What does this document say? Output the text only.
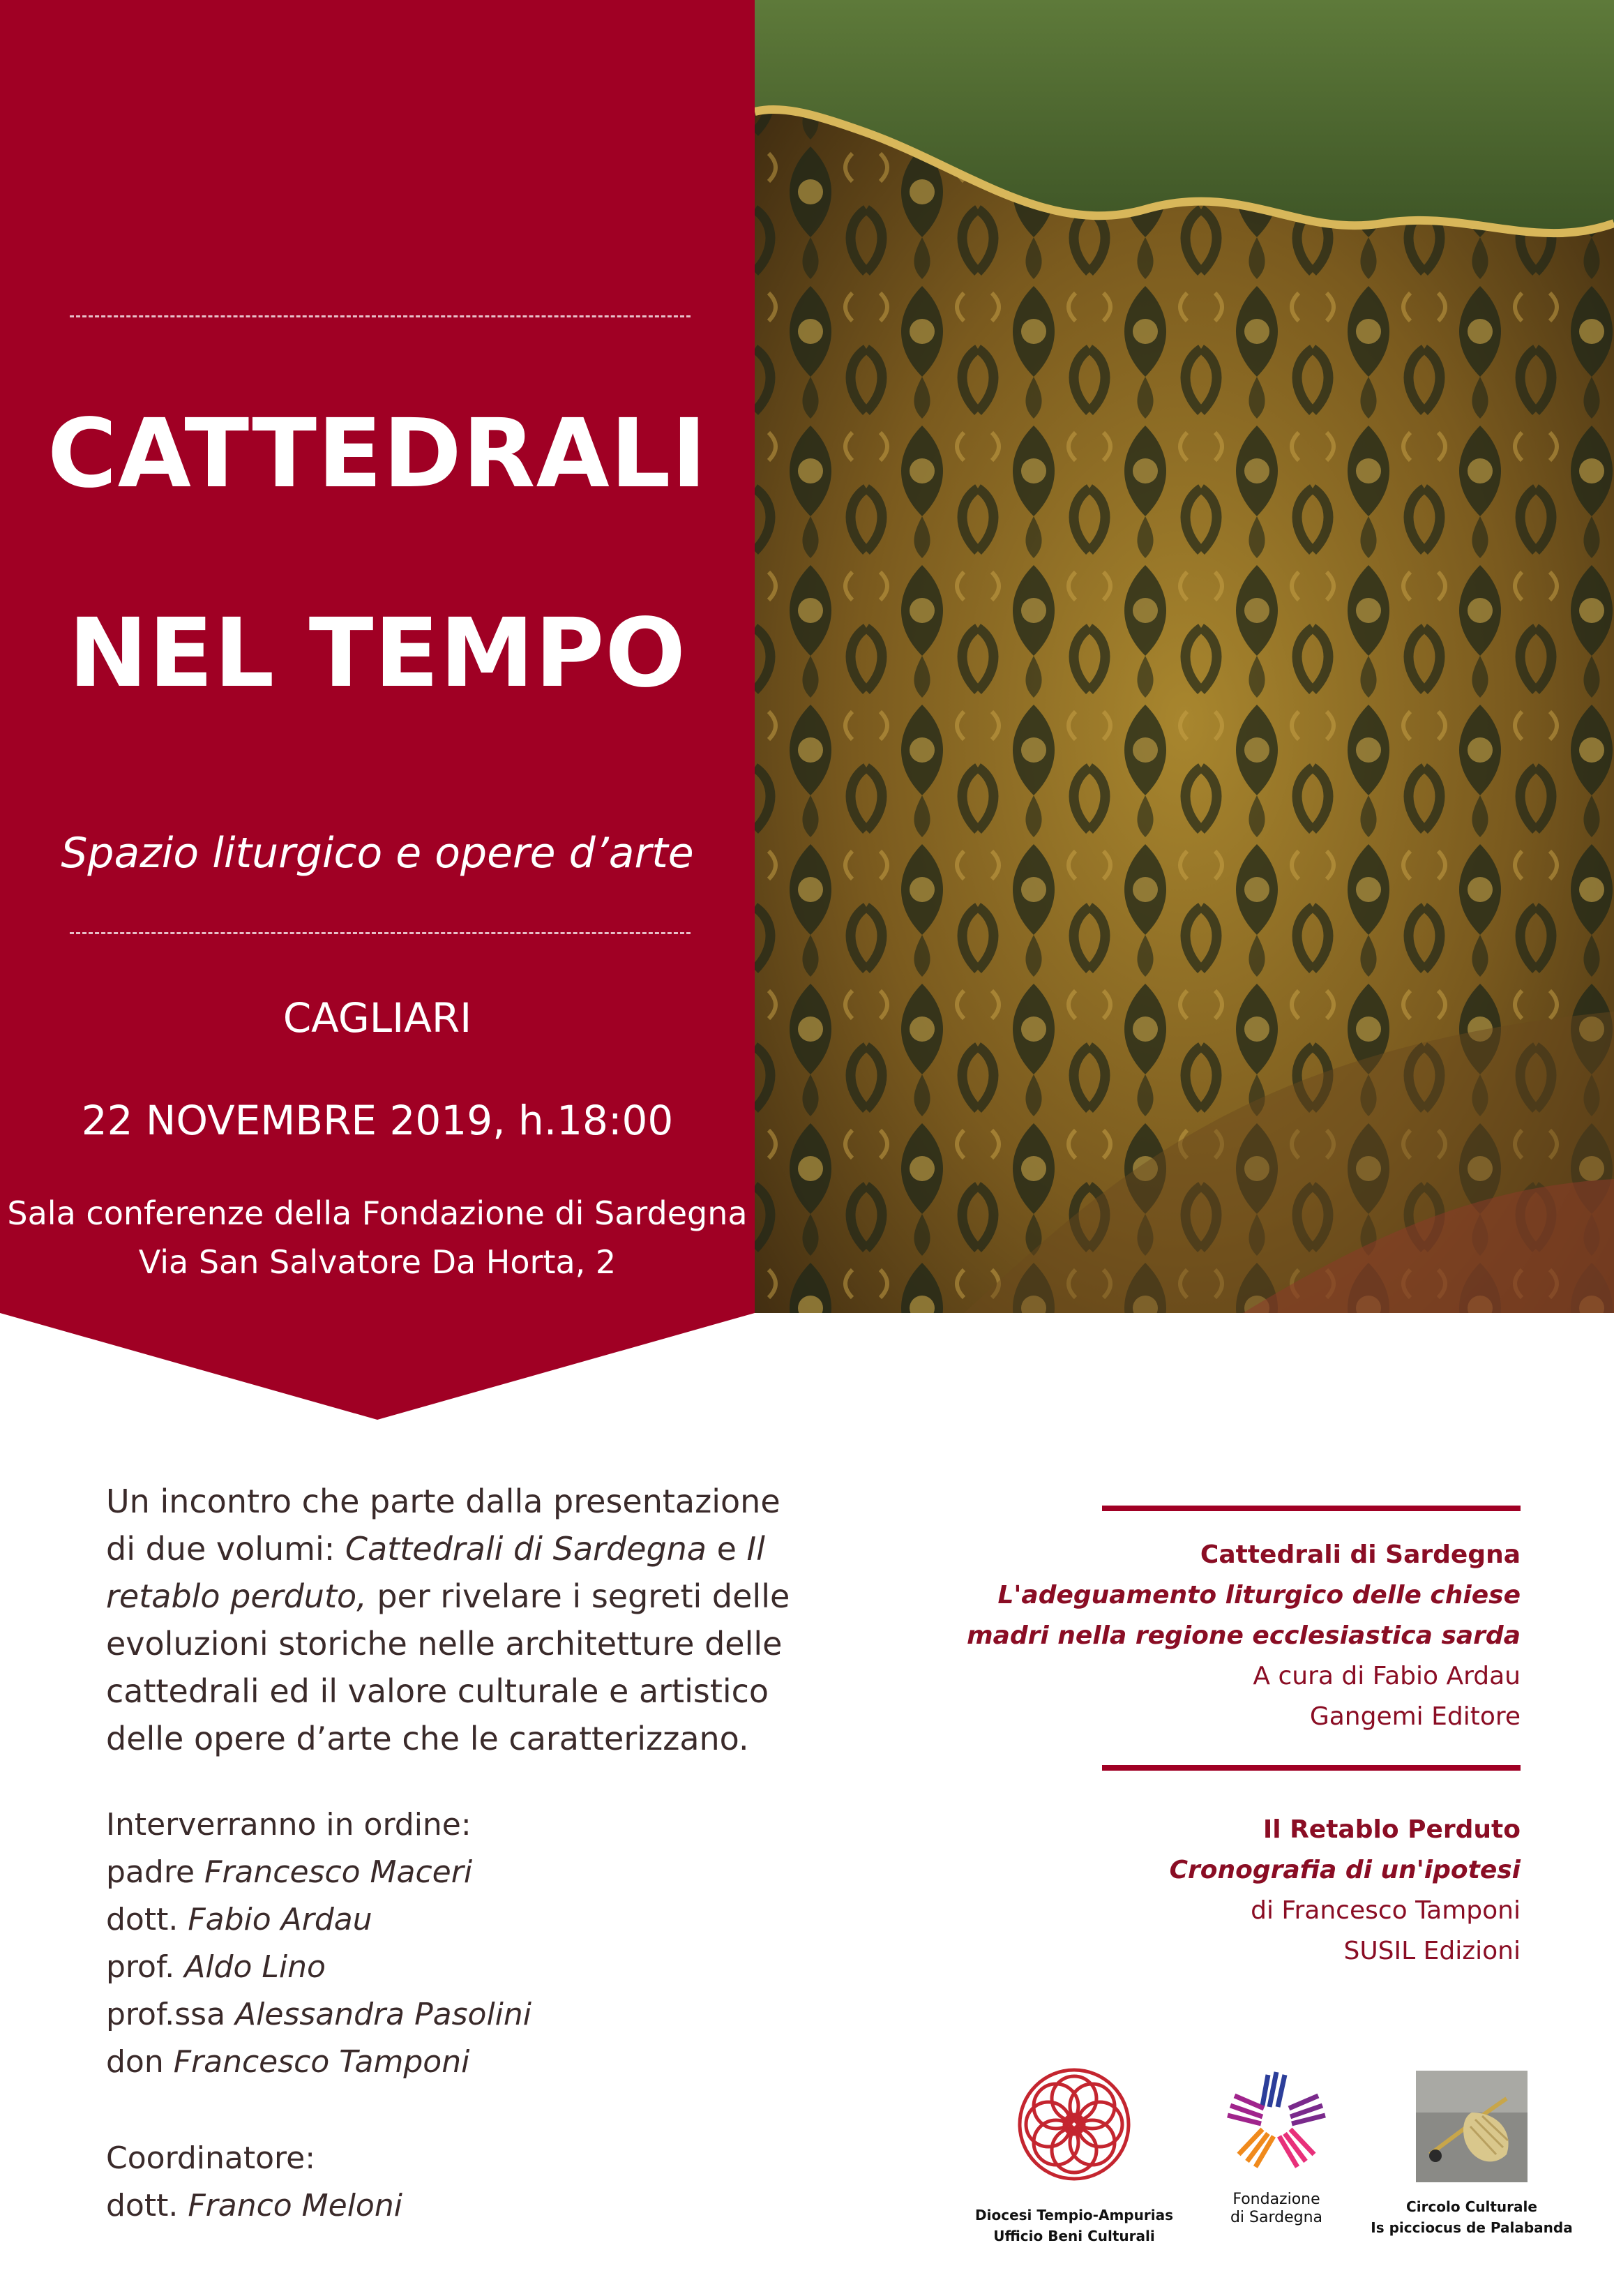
CATTEDRALI
NEL TEMPO
Spazio liturgico e opere d’arte
CAGLIARI
22 NOVEMBRE 2019, h.18:00
Sala conferenze della Fondazione di Sardegna
Via San Salvatore Da Horta, 2
Un incontro che parte dalla presentazione di due volumi: Cattedrali di Sardegna e Il retablo perduto, per rivelare i segreti delle evoluzioni storiche nelle architetture delle cattedrali ed il valore culturale e artistico delle opere d’arte che le caratterizzano.
Interverranno in ordine:
padre Francesco Maceri
dott. Fabio Ardau
prof. Aldo Lino
prof.ssa Alessandra Pasolini
don Francesco Tamponi
Coordinatore:
dott. Franco Meloni
Cattedrali di Sardegna
L'adeguamento liturgico delle chiese
madri nella regione ecclesiastica sarda
A cura di Fabio Ardau
Gangemi Editore
Il Retablo Perduto
Cronografia di un'ipotesi
di Francesco Tamponi
SUSIL Edizioni
Diocesi Tempio-Ampurias
Ufficio Beni Culturali
Fondazione
di Sardegna
Circolo Culturale
Is picciocus de Palabanda
